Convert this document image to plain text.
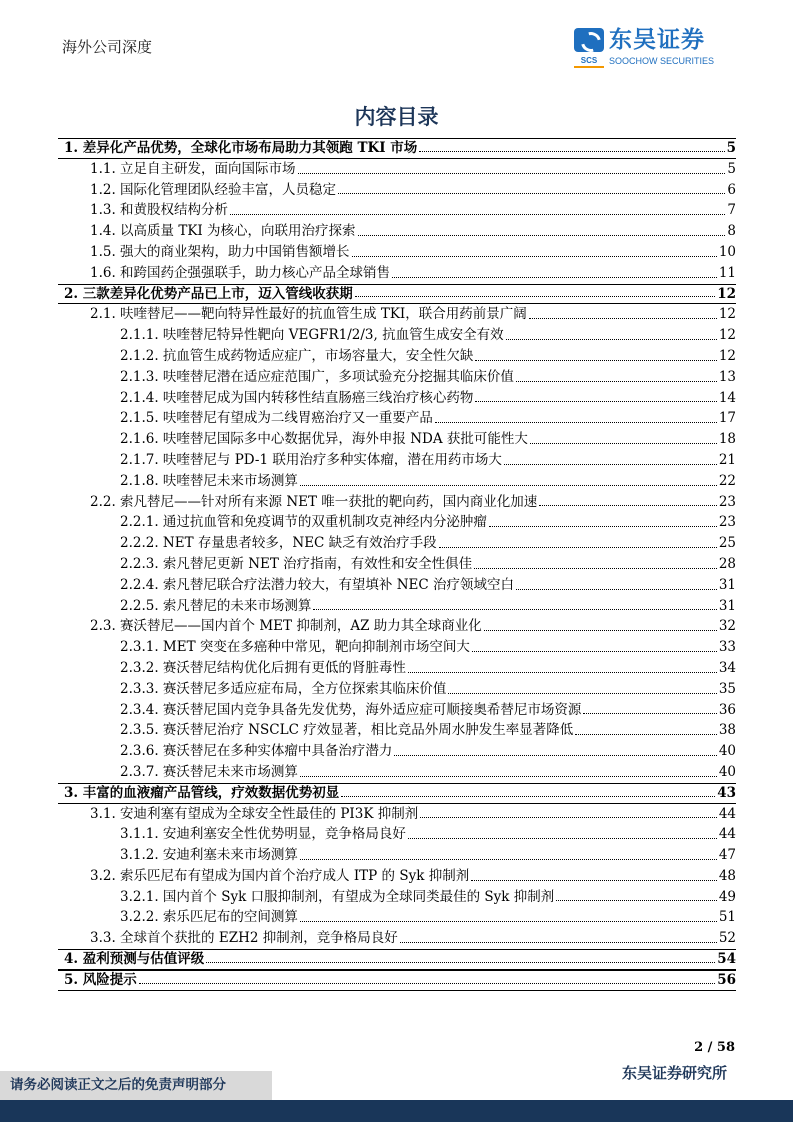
海外公司深度
SCS
东吴证券
SOOCHOW SECURITIES
内容目录
1. 差异化产品优势，全球化市场布局助力其领跑 TKI 市场	5
1.1. 立足自主研发，面向国际市场	5
1.2. 国际化管理团队经验丰富，人员稳定	6
1.3. 和黄股权结构分析	7
1.4. 以高质量 TKI 为核心，向联用治疗探索	8
1.5. 强大的商业架构，助力中国销售额增长	10
1.6. 和跨国药企强强联手，助力核心产品全球销售	11
2. 三款差异化优势产品已上市，迈入管线收获期	12
2.1. 呋喹替尼——靶向特异性最好的抗血管生成 TKI，联合用药前景广阔	12
2.1.1. 呋喹替尼特异性靶向 VEGFR1/2/3, 抗血管生成安全有效	12
2.1.2. 抗血管生成药物适应症广，市场容量大，安全性欠缺	12
2.1.3. 呋喹替尼潜在适应症范围广，多项试验充分挖掘其临床价值	13
2.1.4. 呋喹替尼成为国内转移性结直肠癌三线治疗核心药物	14
2.1.5. 呋喹替尼有望成为二线胃癌治疗又一重要产品	17
2.1.6. 呋喹替尼国际多中心数据优异，海外申报 NDA 获批可能性大	18
2.1.7. 呋喹替尼与 PD-1 联用治疗多种实体瘤，潜在用药市场大	21
2.1.8. 呋喹替尼未来市场测算	22
2.2. 索凡替尼——针对所有来源 NET 唯一获批的靶向药，国内商业化加速	23
2.2.1. 通过抗血管和免疫调节的双重机制攻克神经内分泌肿瘤	23
2.2.2. NET 存量患者较多，NEC 缺乏有效治疗手段	25
2.2.3. 索凡替尼更新 NET 治疗指南，有效性和安全性俱佳	28
2.2.4. 索凡替尼联合疗法潜力较大，有望填补 NEC 治疗领域空白	31
2.2.5. 索凡替尼的未来市场测算	31
2.3. 赛沃替尼——国内首个 MET 抑制剂，AZ 助力其全球商业化	32
2.3.1. MET 突变在多癌种中常见，靶向抑制剂市场空间大	33
2.3.2. 赛沃替尼结构优化后拥有更低的肾脏毒性	34
2.3.3. 赛沃替尼多适应症布局，全方位探索其临床价值	35
2.3.4. 赛沃替尼国内竞争具备先发优势，海外适应症可顺接奥希替尼市场资源	36
2.3.5. 赛沃替尼治疗 NSCLC 疗效显著，相比竞品外周水肿发生率显著降低	38
2.3.6. 赛沃替尼在多种实体瘤中具备治疗潜力	40
2.3.7. 赛沃替尼未来市场测算	40
3. 丰富的血液瘤产品管线，疗效数据优势初显	43
3.1. 安迪利塞有望成为全球安全性最佳的 PI3K 抑制剂	44
3.1.1. 安迪利塞安全性优势明显，竞争格局良好	44
3.1.2. 安迪利塞未来市场测算	47
3.2. 索乐匹尼布有望成为国内首个治疗成人 ITP 的 Syk 抑制剂	48
3.2.1. 国内首个 Syk 口服抑制剂，有望成为全球同类最佳的 Syk 抑制剂	49
3.2.2. 索乐匹尼布的空间测算	51
3.3. 全球首个获批的 EZH2 抑制剂，竞争格局良好	52
4. 盈利预测与估值评级	54
5. 风险提示	56
2 / 58
东吴证券研究所
请务必阅读正文之后的免责声明部分
